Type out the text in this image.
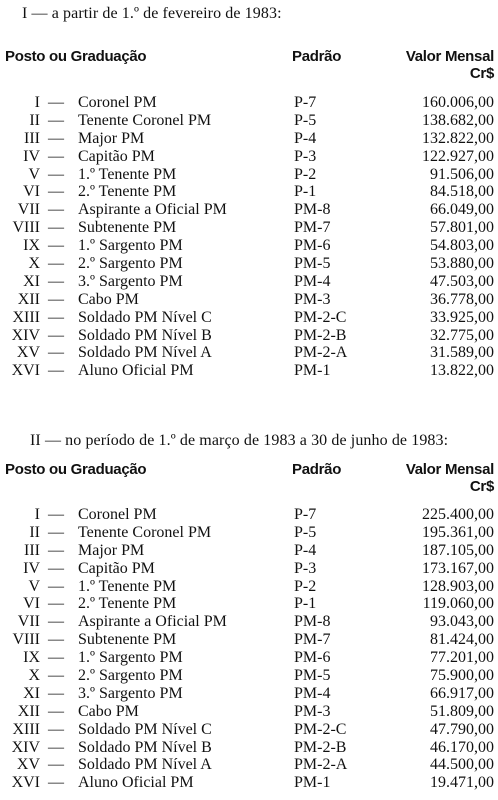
I — a partir de 1.º de fevereiro de 1983:
Posto ou Graduação	Padrão	Valor Mensal
Cr$
I — Coronel PM	P-7	160.006,00
II — Tenente Coronel PM	P-5	138.682,00
III — Major PM	P-4	132.822,00
IV — Capitão PM	P-3	122.927,00
V — 1.º Tenente PM	P-2	91.506,00
VI — 2.º Tenente PM	P-1	84.518,00
VII — Aspirante a Oficial PM	PM-8	66.049,00
VIII — Subtenente PM	PM-7	57.801,00
IX — 1.º Sargento PM	PM-6	54.803,00
X — 2.º Sargento PM	PM-5	53.880,00
XI — 3.º Sargento PM	PM-4	47.503,00
XII — Cabo PM	PM-3	36.778,00
XIII — Soldado PM Nível C	PM-2-C	33.925,00
XIV — Soldado PM Nível B	PM-2-B	32.775,00
XV — Soldado PM Nível A	PM-2-A	31.589,00
XVI — Aluno Oficial PM	PM-1	13.822,00
II — no período de 1.º de março de 1983 a 30 de junho de 1983:
Posto ou Graduação	Padrão	Valor Mensal
Cr$
I — Coronel PM	P-7	225.400,00
II — Tenente Coronel PM	P-5	195.361,00
III — Major PM	P-4	187.105,00
IV — Capitão PM	P-3	173.167,00
V — 1.º Tenente PM	P-2	128.903,00
VI — 2.º Tenente PM	P-1	119.060,00
VII — Aspirante a Oficial PM	PM-8	93.043,00
VIII — Subtenente PM	PM-7	81.424,00
IX — 1.º Sargento PM	PM-6	77.201,00
X — 2.º Sargento PM	PM-5	75.900,00
XI — 3.º Sargento PM	PM-4	66.917,00
XII — Cabo PM	PM-3	51.809,00
XIII — Soldado PM Nível C	PM-2-C	47.790,00
XIV — Soldado PM Nível B	PM-2-B	46.170,00
XV — Soldado PM Nível A	PM-2-A	44.500,00
XVI — Aluno Oficial PM	PM-1	19.471,00
